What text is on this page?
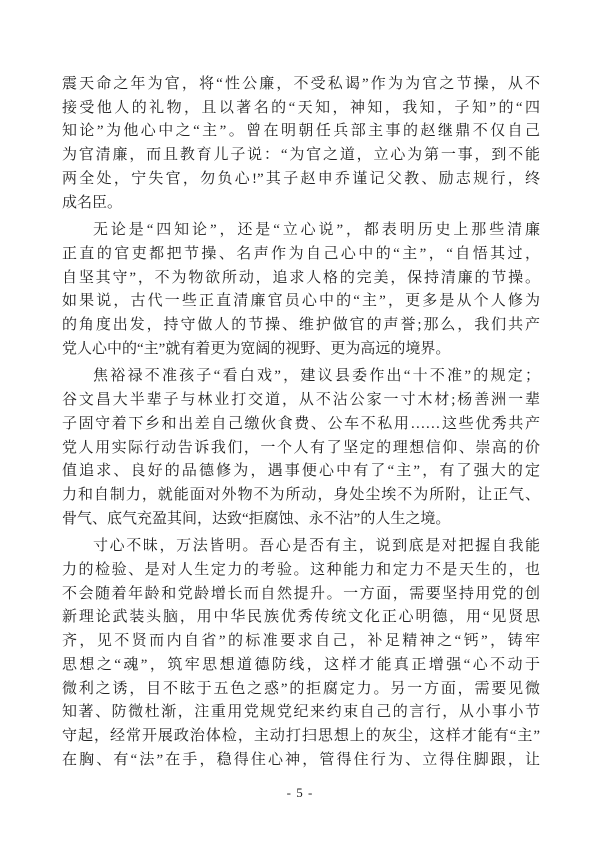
震天命之年为官，将“性公廉，不受私谒”作为为官之节操，从不
接受他人的礼物，且以著名的“天知，神知，我知，子知”的“四
知论”为他心中之“主”。曾在明朝任兵部主事的赵继鼎不仅自己
为官清廉，而且教育儿子说：“为官之道，立心为第一事，到不能
两全处，宁失官，勿负心!”其子赵申乔谨记父教、励志规行，终
成名臣。
无论是“四知论”，还是“立心说”，都表明历史上那些清廉
正直的官吏都把节操、名声作为自己心中的“主”，“自悟其过，
自坚其守”，不为物欲所动，追求人格的完美，保持清廉的节操。
如果说，古代一些正直清廉官员心中的“主”，更多是从个人修为
的角度出发，持守做人的节操、维护做官的声誉;那么，我们共产
党人心中的“主”就有着更为宽阔的视野、更为高远的境界。
焦裕禄不准孩子“看白戏”，建议县委作出“十不准”的规定；
谷文昌大半辈子与林业打交道，从不沾公家一寸木材;杨善洲一辈
子固守着下乡和出差自己缴伙食费、公车不私用……这些优秀共产
党人用实际行动告诉我们，一个人有了坚定的理想信仰、崇高的价
值追求、良好的品德修为，遇事便心中有了“主”，有了强大的定
力和自制力，就能面对外物不为所动，身处尘埃不为所附，让正气、
骨气、底气充盈其间，达致“拒腐蚀、永不沾”的人生之境。
寸心不昧，万法皆明。吾心是否有主，说到底是对把握自我能
力的检验、是对人生定力的考验。这种能力和定力不是天生的，也
不会随着年龄和党龄增长而自然提升。一方面，需要坚持用党的创
新理论武装头脑，用中华民族优秀传统文化正心明德，用“见贤思
齐，见不贤而内自省”的标准要求自己，补足精神之“钙”，铸牢
思想之“魂”，筑牢思想道德防线，这样才能真正增强“心不动于
微利之诱，目不眩于五色之惑”的拒腐定力。另一方面，需要见微
知著、防微杜渐，注重用党规党纪来约束自己的言行，从小事小节
守起，经常开展政治体检，主动打扫思想上的灰尘，这样才能有“主”
在胸、有“法”在手，稳得住心神，管得住行为、立得住脚跟，让
- 5 -
